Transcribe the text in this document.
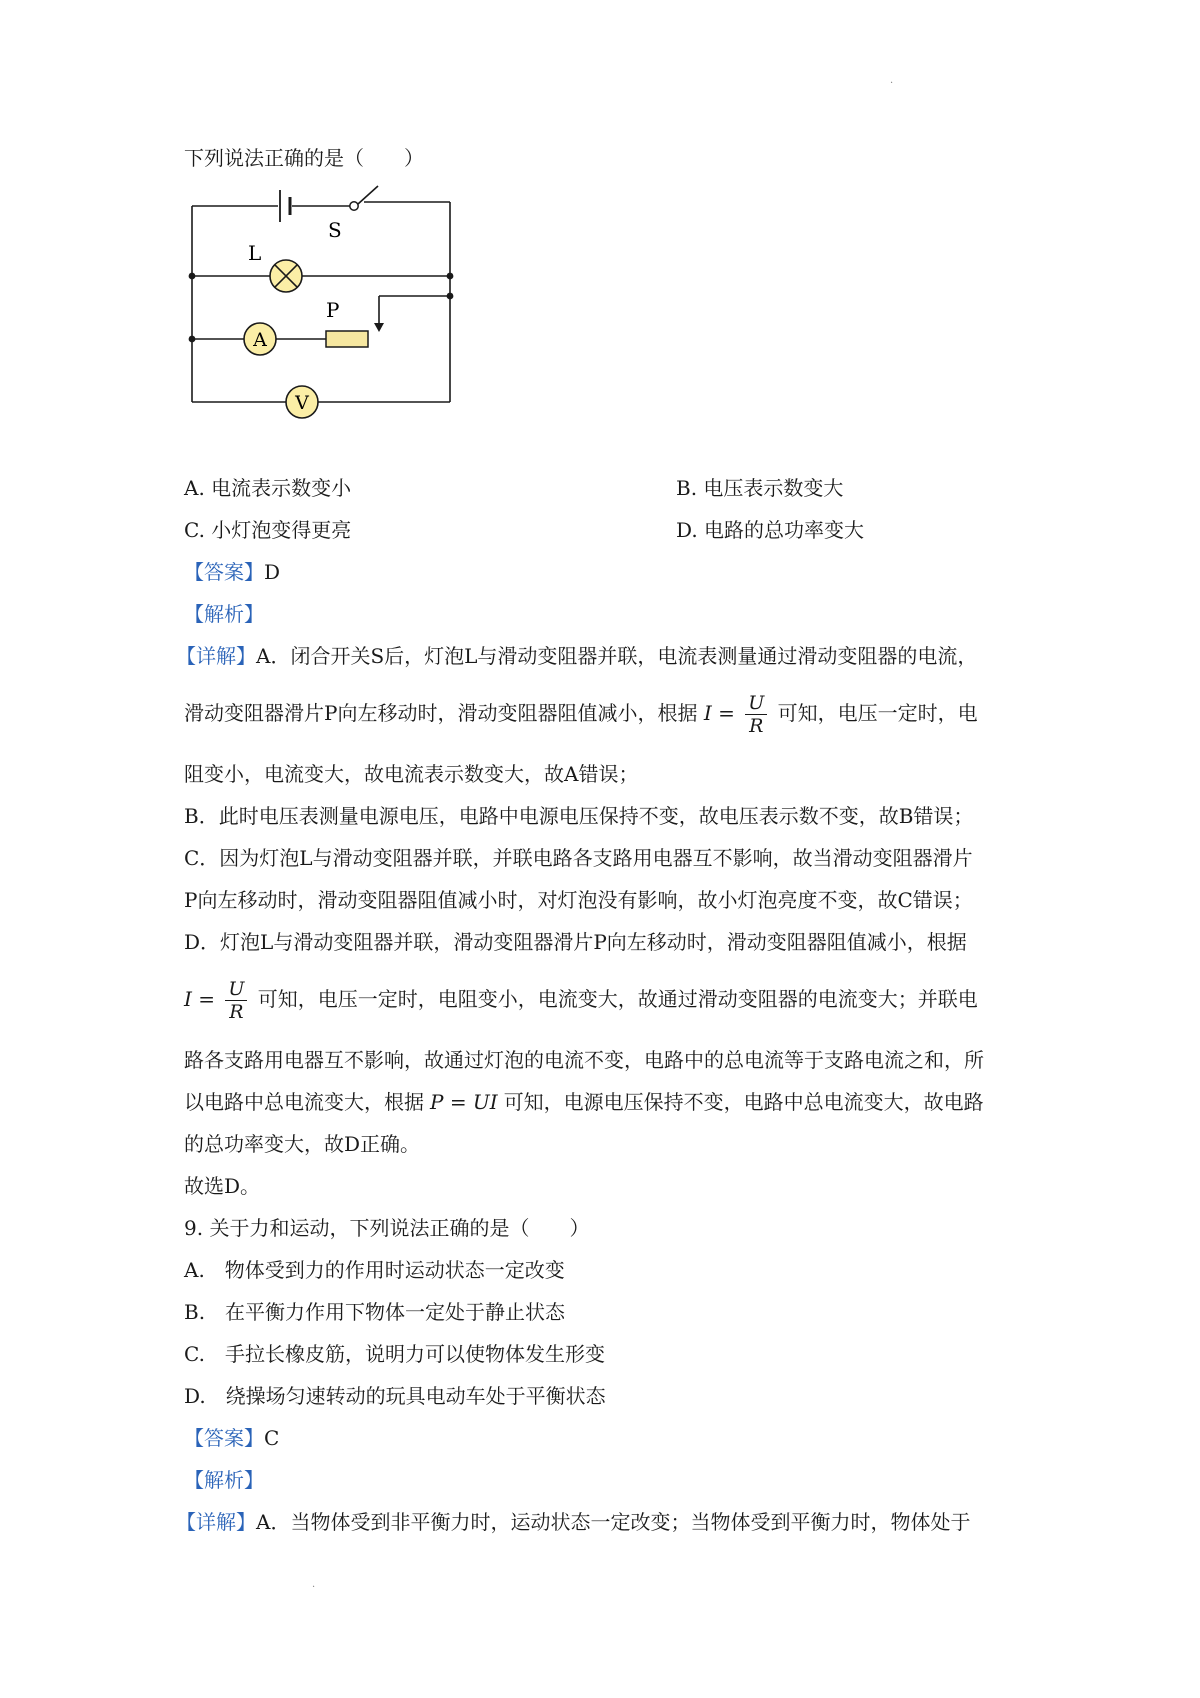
·
下列说法正确的是（　　）
S
L
P
A
V
A. 电流表示数变小	B. 电压表示数变大
C. 小灯泡变得更亮	D. 电路的总功率变大
【答案】D
【解析】
【详解】A．闭合开关S后，灯泡L与滑动变阻器并联，电流表测量通过滑动变阻器的电流，
滑动变阻器滑片P向左移动时，滑动变阻器阻值减小，根据 $I = \frac{U}{R}$ 可知，电压一定时，电
阻变小，电流变大，故电流表示数变大，故A错误；
B．此时电压表测量电源电压，电路中电源电压保持不变，故电压表示数不变，故B错误；
C．因为灯泡L与滑动变阻器并联，并联电路各支路用电器互不影响，故当滑动变阻器滑片
P向左移动时，滑动变阻器阻值减小时，对灯泡没有影响，故小灯泡亮度不变，故C错误；
D．灯泡L与滑动变阻器并联，滑动变阻器滑片P向左移动时，滑动变阻器阻值减小，根据
$I = \frac{U}{R}$ 可知，电压一定时，电阻变小，电流变大，故通过滑动变阻器的电流变大；并联电
路各支路用电器互不影响，故通过灯泡的电流不变，电路中的总电流等于支路电流之和，所
以电路中总电流变大，根据 P = UI 可知，电源电压保持不变，电路中总电流变大，故电路
的总功率变大，故D正确。
故选D。
9. 关于力和运动，下列说法正确的是（　　）
A.　物体受到力的作用时运动状态一定改变
B.　在平衡力作用下物体一定处于静止状态
C.　手拉长橡皮筋，说明力可以使物体发生形变
D.　绕操场匀速转动的玩具电动车处于平衡状态
【答案】C
【解析】
【详解】A．当物体受到非平衡力时，运动状态一定改变；当物体受到平衡力时，物体处于
·
